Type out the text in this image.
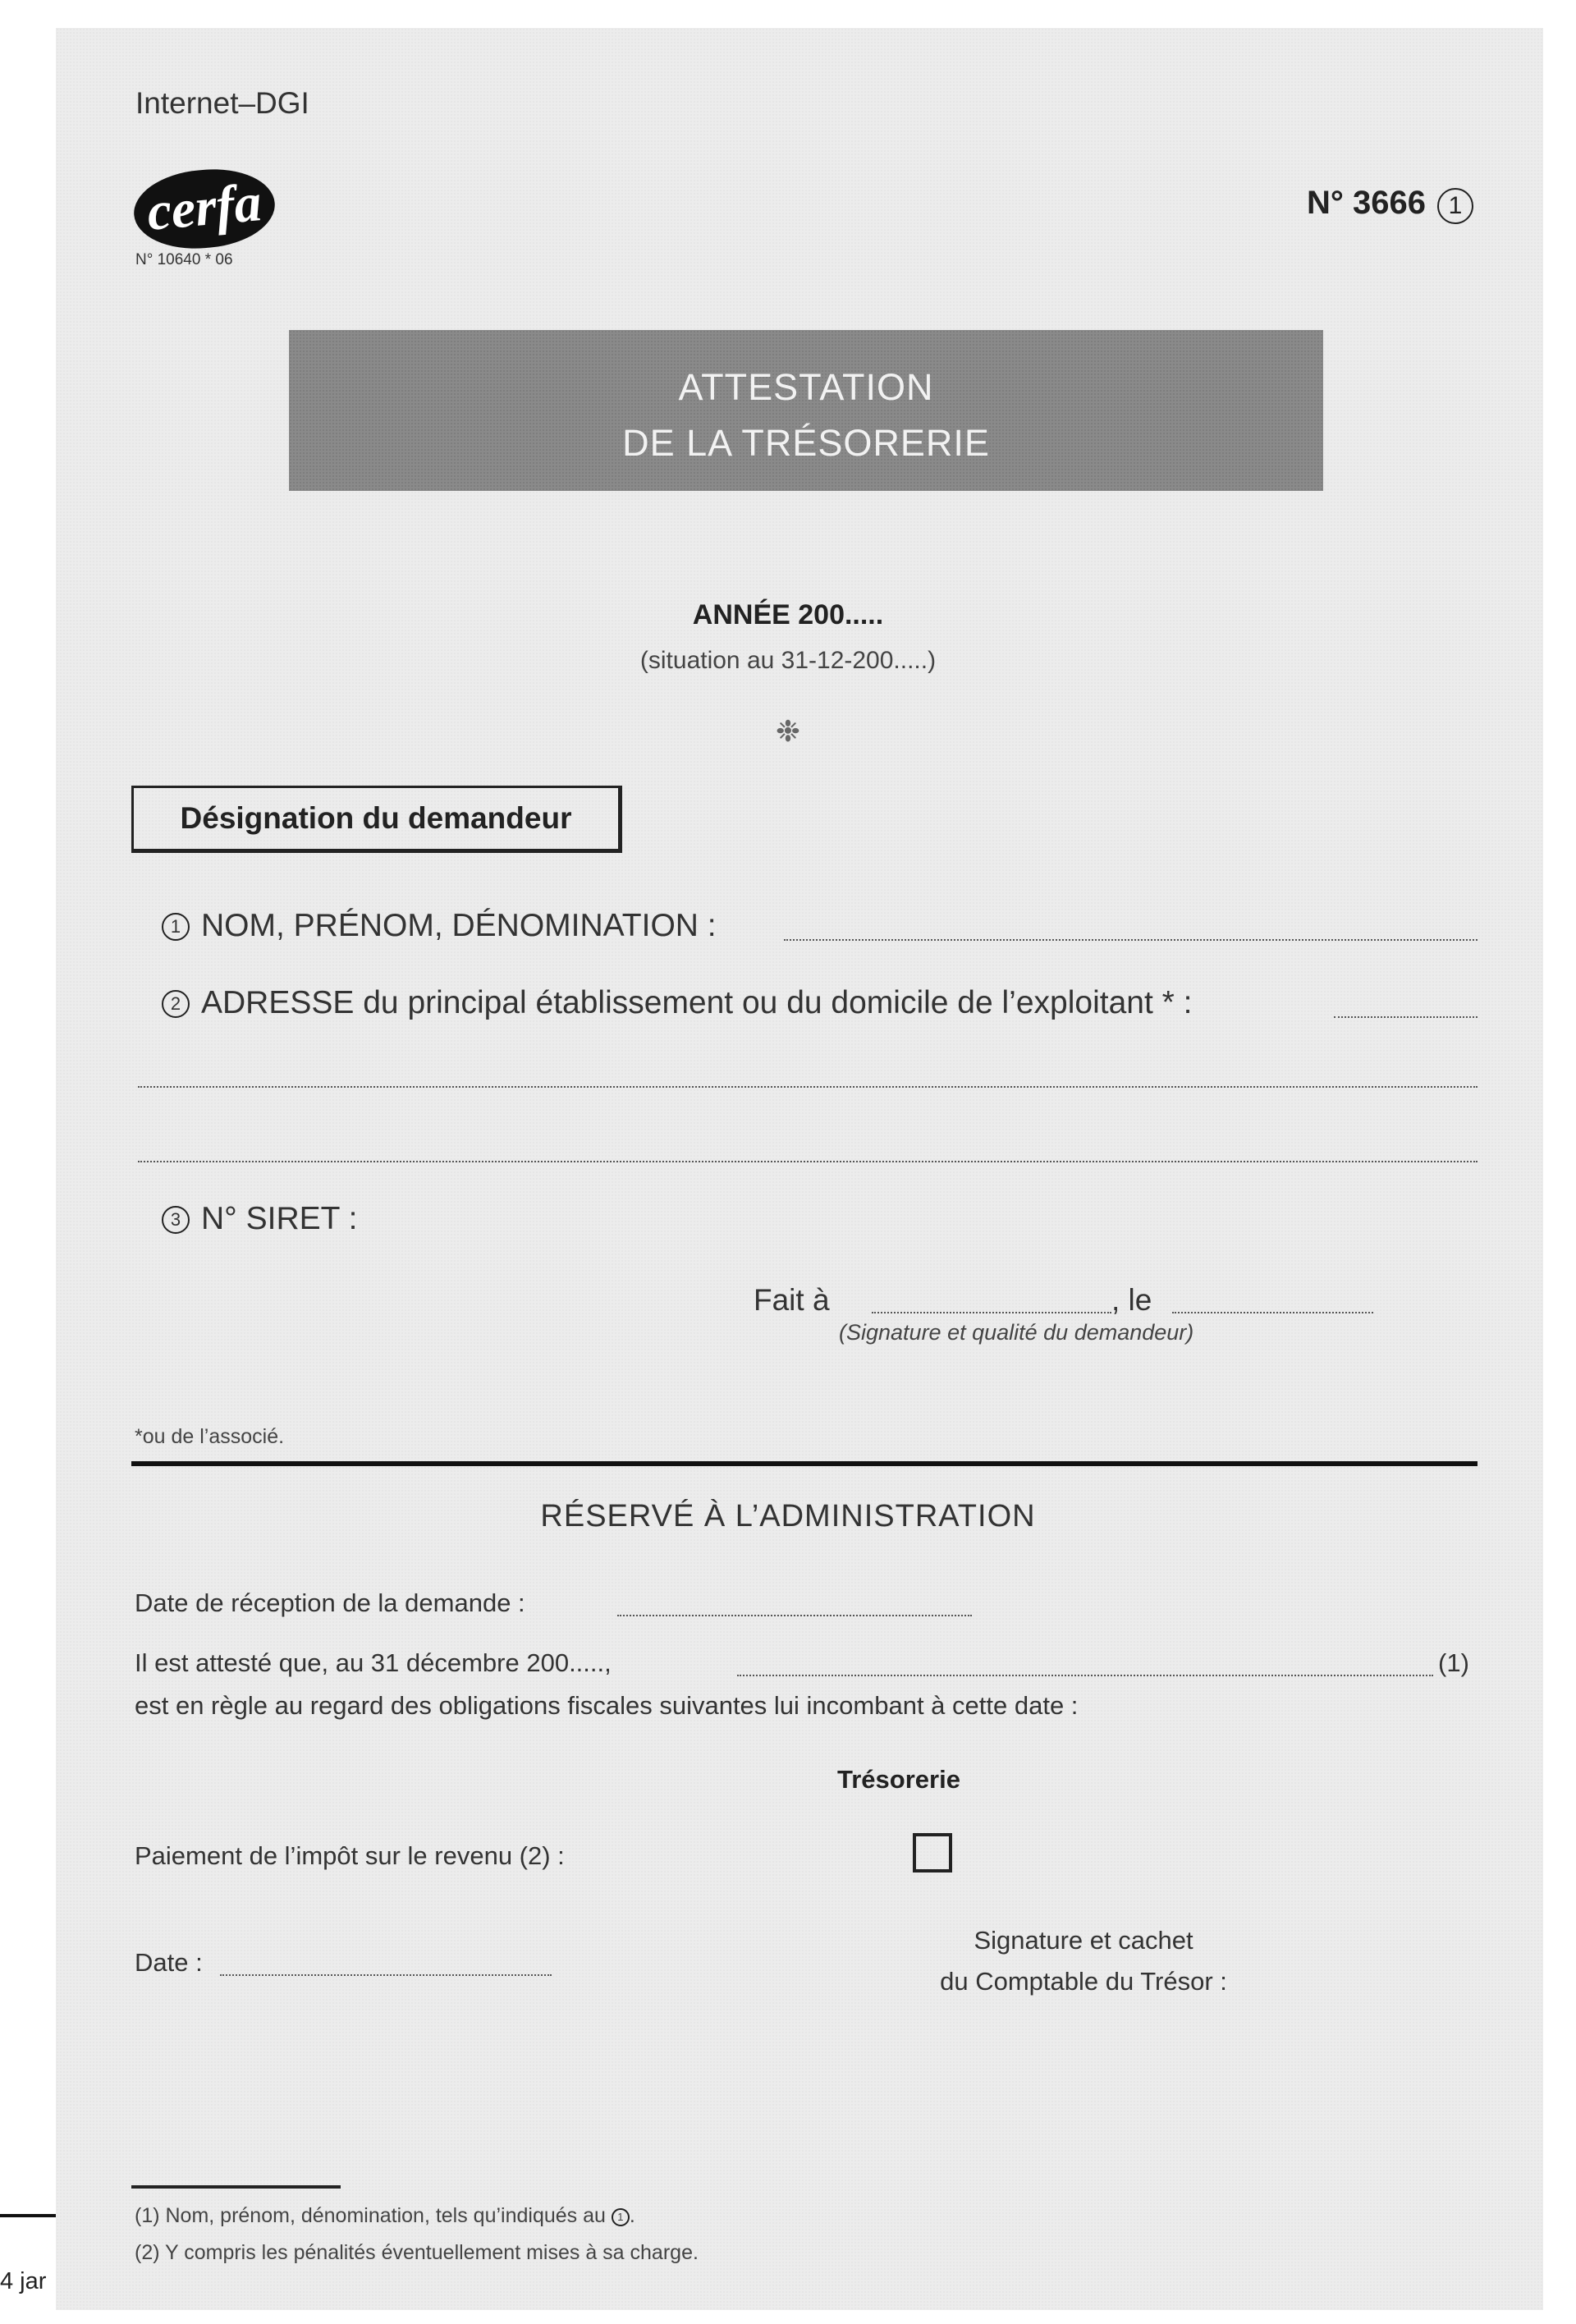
4 jar
Internet–DGI
cerfa
N° 10640 * 06
N° 3666 1
ATTESTATION
DE LA TRÉSORERIE
ANNÉE 200.....
(situation au 31-12-200.....)
❉
Désignation du demandeur
1 NOM, PRÉNOM, DÉNOMINATION :
2 ADRESSE du principal établissement ou du domicile de l’exploitant * :
3 N° SIRET :
Fait à	, le
(Signature et qualité du demandeur)
*ou de l’associé.
RÉSERVÉ À L’ADMINISTRATION
Date de réception de la demande :
Il est attesté que, au 31 décembre 200.....,	(1)
est en règle au regard des obligations fiscales suivantes lui incombant à cette date :
Trésorerie
Paiement de l’impôt sur le revenu (2) :
Date :
Signature et cachet
du Comptable du Trésor :
(1) Nom, prénom, dénomination, tels qu’indiqués au 1 .
(2) Y compris les pénalités éventuellement mises à sa charge.
